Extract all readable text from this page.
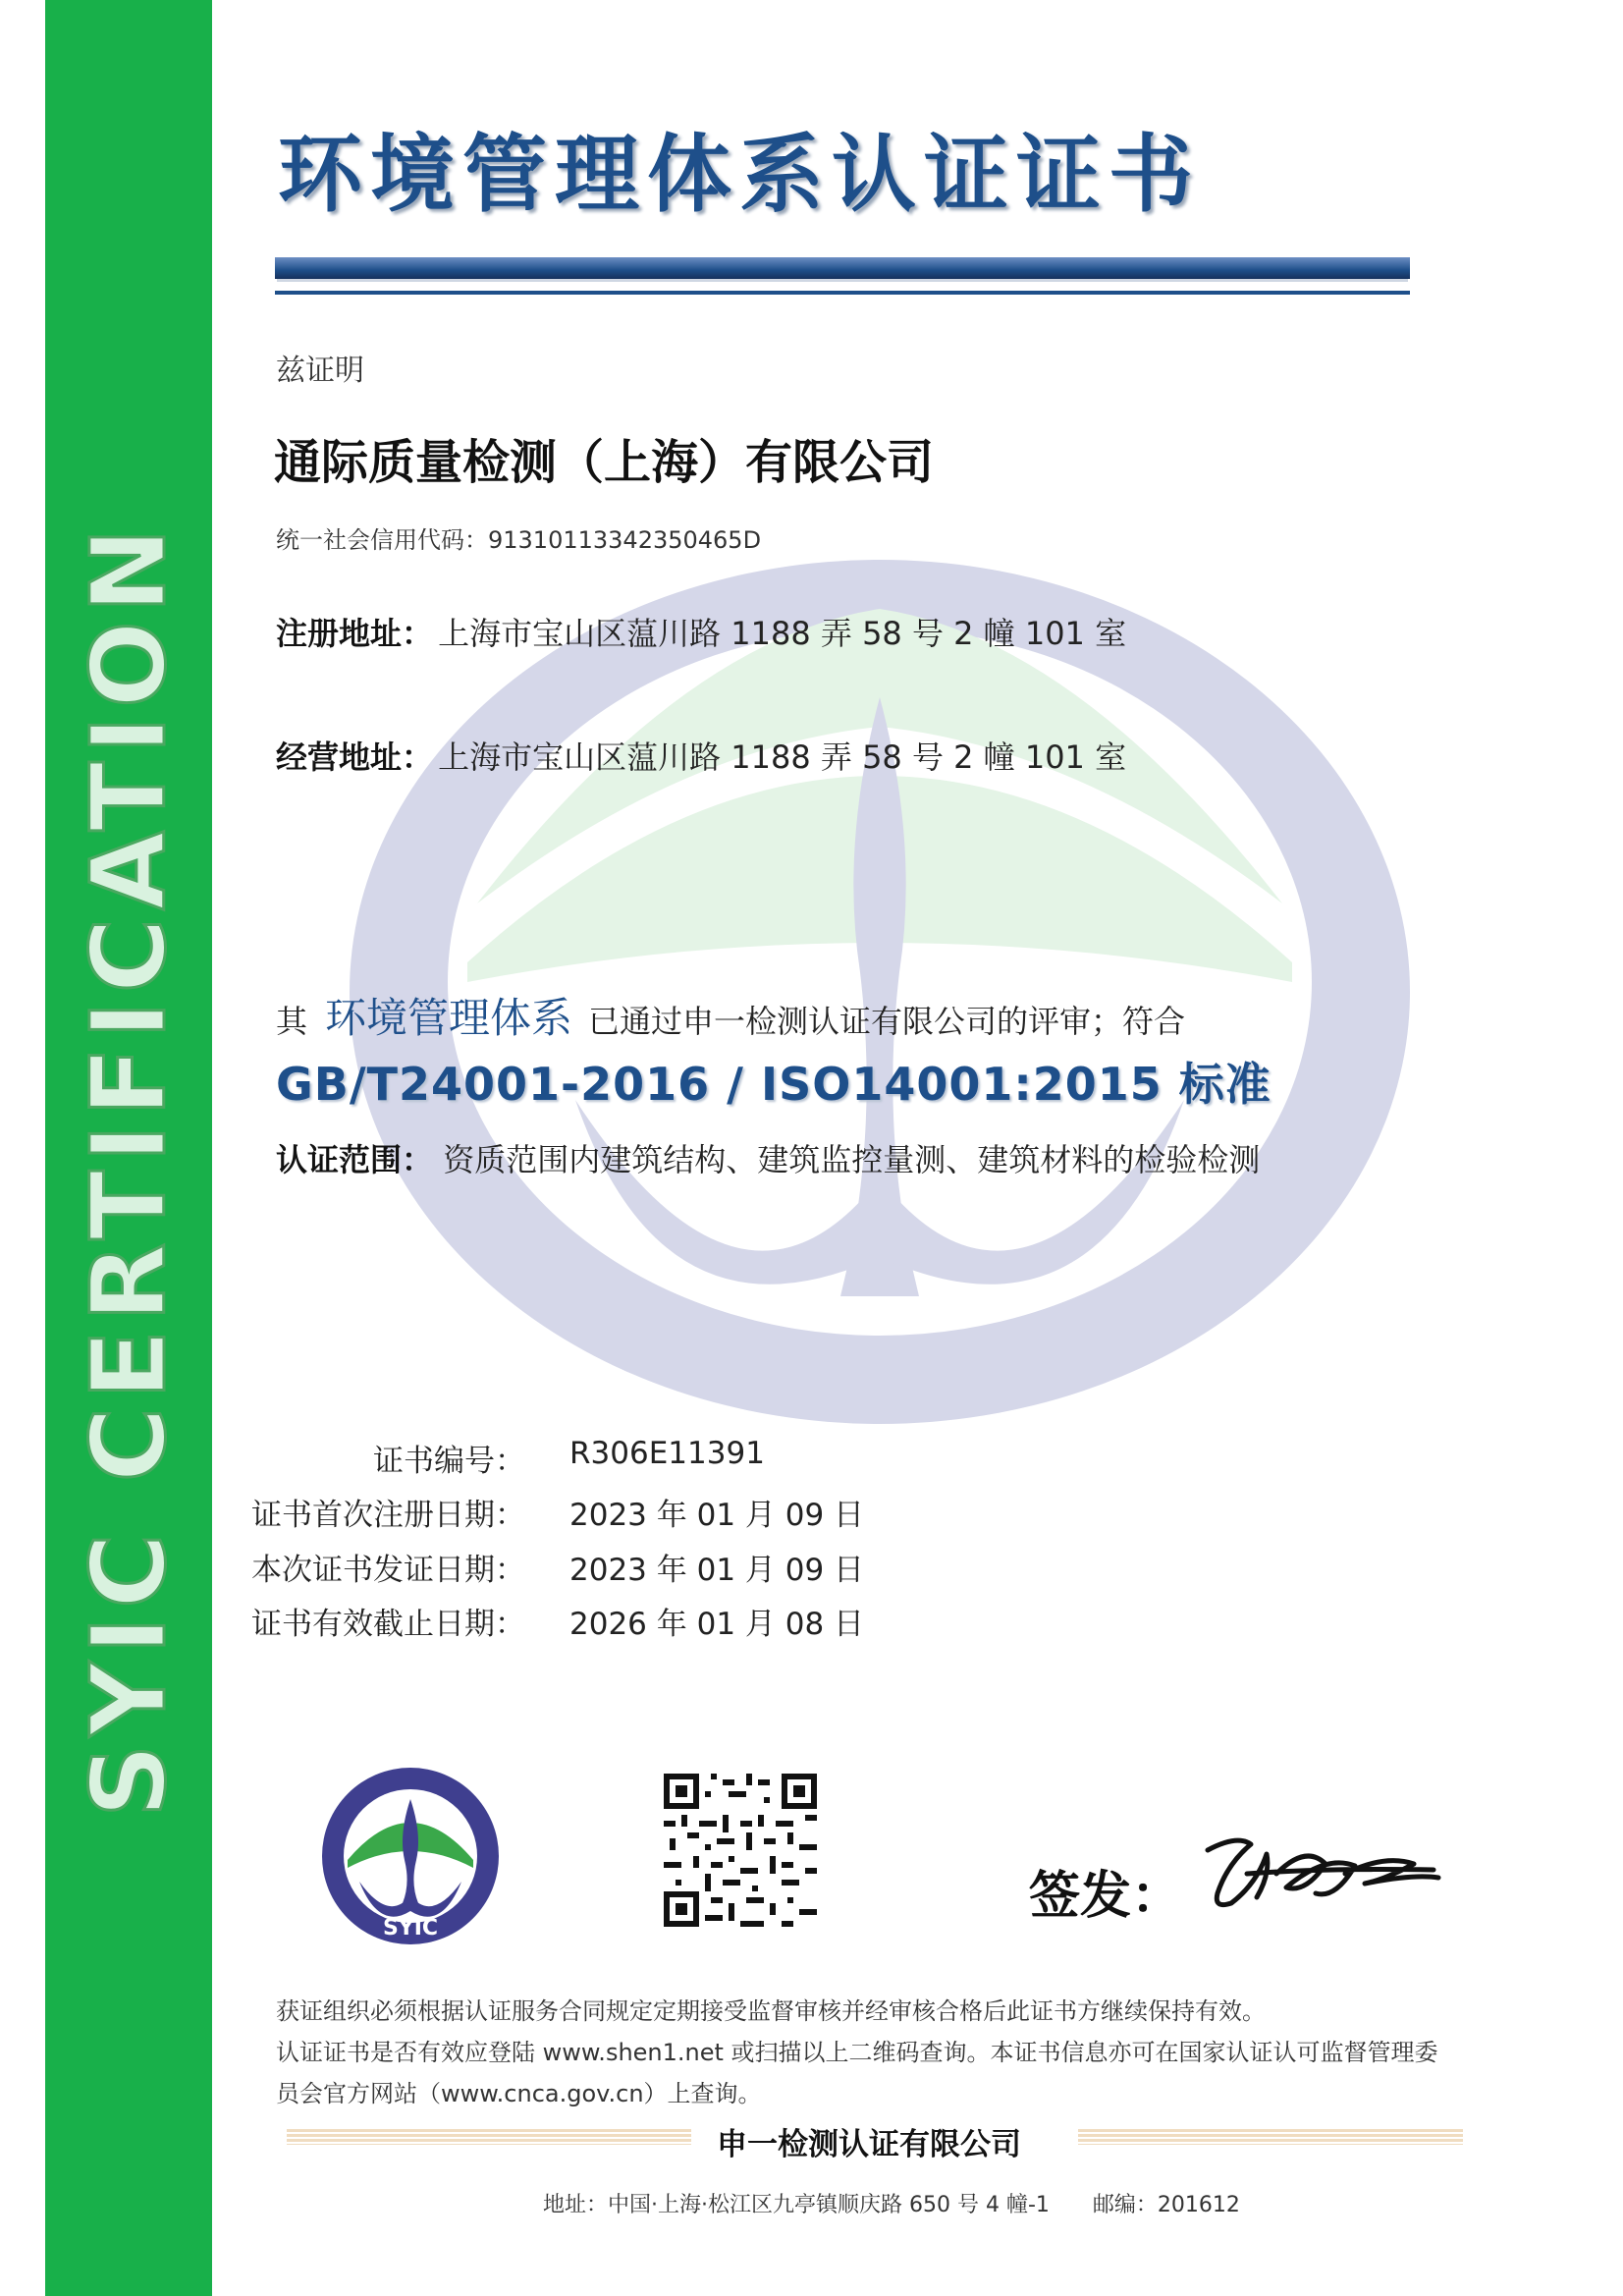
SYIC CERTIFICATION
环境管理体系认证证书
兹证明
通际质量检测（上海）有限公司
统一社会信用代码：91310113342350465D
注册地址： 上海市宝山区蕰川路 1188 弄 58 号 2 幢 101 室
经营地址： 上海市宝山区蕰川路 1188 弄 58 号 2 幢 101 室
其 环境管理体系 已通过申一检测认证有限公司的评审；符合
GB/T24001-2016 / ISO14001:2015 标准
认证范围： 资质范围内建筑结构、建筑监控量测、建筑材料的检验检测
证书编号： R306E11391
证书首次注册日期： 2023 年 01 月 09 日
本次证书发证日期： 2023 年 01 月 09 日
证书有效截止日期： 2026 年 01 月 08 日
SYIC
签发：
获证组织必须根据认证服务合同规定定期接受监督审核并经审核合格后此证书方继续保持有效。
认证证书是否有效应登陆 www.shen1.net 或扫描以上二维码查询。本证书信息亦可在国家认证认可监督管理委
员会官方网站（www.cnca.gov.cn）上查询。
申一检测认证有限公司
地址：中国·上海·松江区九亭镇顺庆路 650 号 4 幢-1　　邮编：201612
